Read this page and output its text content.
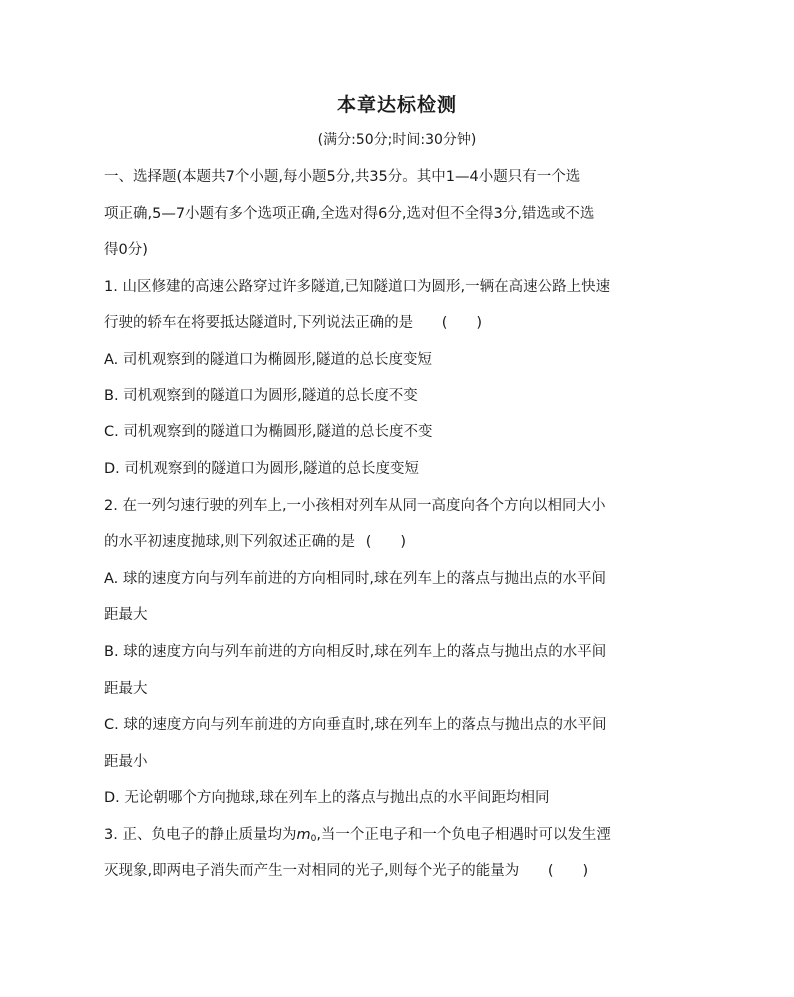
本章达标检测
(满分:50分;时间:30分钟)
一、选择题(本题共7个小题,每小题5分,共35分。其中1—4小题只有一个选
项正确,5—7小题有多个选项正确,全选对得6分,选对但不全得3分,错选或不选
得0分)
1. 山区修建的高速公路穿过许多隧道,已知隧道口为圆形,一辆在高速公路上快速
行驶的轿车在将要抵达隧道时,下列说法正确的是 (　　)
A. 司机观察到的隧道口为椭圆形,隧道的总长度变短
B. 司机观察到的隧道口为圆形,隧道的总长度不变
C. 司机观察到的隧道口为椭圆形,隧道的总长度不变
D. 司机观察到的隧道口为圆形,隧道的总长度变短
2. 在一列匀速行驶的列车上,一小孩相对列车从同一高度向各个方向以相同大小
的水平初速度抛球,则下列叙述正确的是 (　　)
A. 球的速度方向与列车前进的方向相同时,球在列车上的落点与抛出点的水平间
距最大
B. 球的速度方向与列车前进的方向相反时,球在列车上的落点与抛出点的水平间
距最大
C. 球的速度方向与列车前进的方向垂直时,球在列车上的落点与抛出点的水平间
距最小
D. 无论朝哪个方向抛球,球在列车上的落点与抛出点的水平间距均相同
3. 正、负电子的静止质量均为$m_0$,当一个正电子和一个负电子相遇时可以发生湮
灭现象,即两电子消失而产生一对相同的光子,则每个光子的能量为 (　　)
